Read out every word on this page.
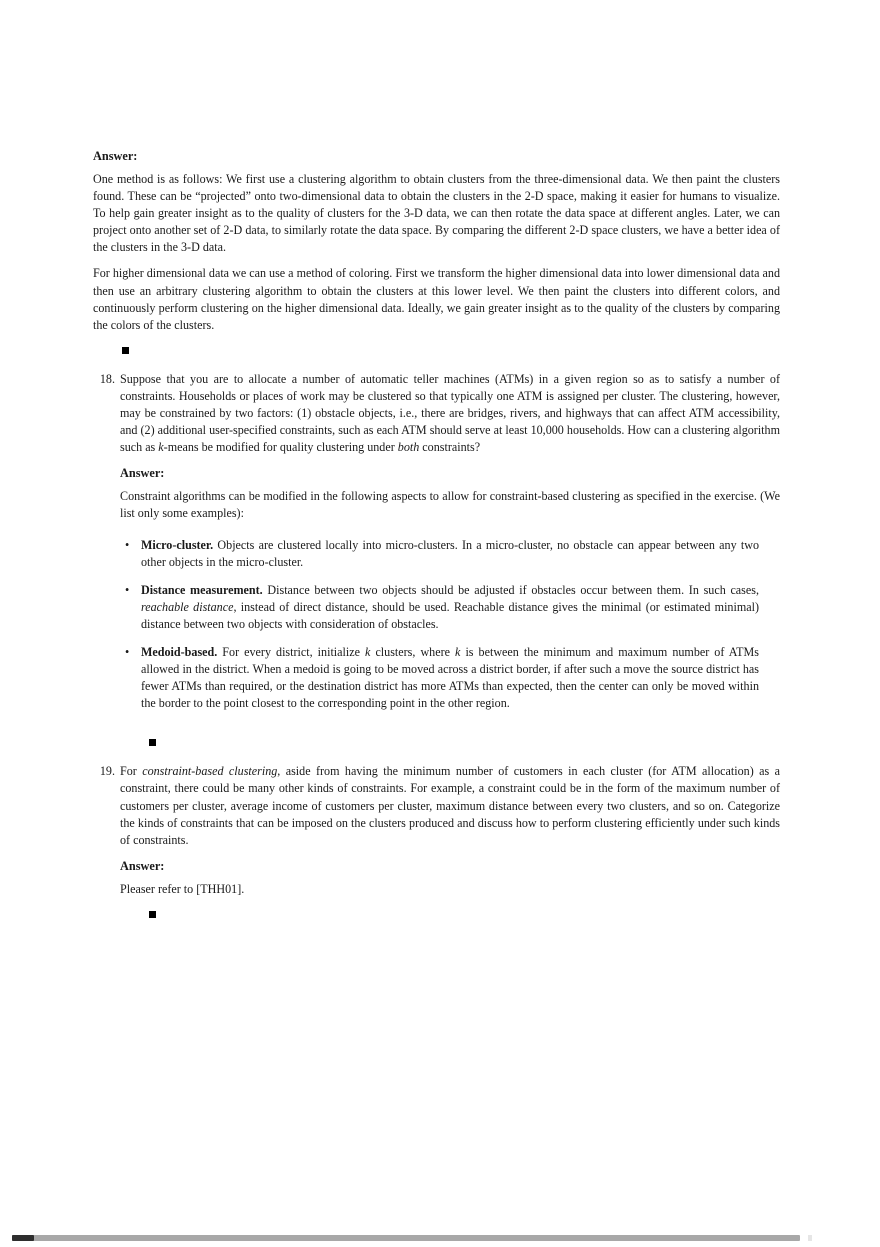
Answer:

One method is as follows: We first use a clustering algorithm to obtain clusters from the three-dimensional data. We then paint the clusters found. These can be “projected” onto two-dimensional data to obtain the clusters in the 2-D space, making it easier for humans to visualize. To help gain greater insight as to the quality of clusters for the 3-D data, we can then rotate the data space at different angles. Later, we can project onto another set of 2-D data, to similarly rotate the data space. By comparing the different 2-D space clusters, we have a better idea of the clusters in the 3-D data.

For higher dimensional data we can use a method of coloring. First we transform the higher dimensional data into lower dimensional data and then use an arbitrary clustering algorithm to obtain the clusters at this lower level. We then paint the clusters into different colors, and continuously perform clustering on the higher dimensional data. Ideally, we gain greater insight as to the quality of the clusters by comparing the colors of the clusters.

18. Suppose that you are to allocate a number of automatic teller machines (ATMs) in a given region so as to satisfy a number of constraints. Households or places of work may be clustered so that typically one ATM is assigned per cluster. The clustering, however, may be constrained by two factors: (1) obstacle objects, i.e., there are bridges, rivers, and highways that can affect ATM accessibility, and (2) additional user-specified constraints, such as each ATM should serve at least 10,000 households. How can a clustering algorithm such as k-means be modified for quality clustering under both constraints?

Answer:

Constraint algorithms can be modified in the following aspects to allow for constraint-based clustering as specified in the exercise. (We list only some examples):

• Micro-cluster. Objects are clustered locally into micro-clusters. In a micro-cluster, no obstacle can appear between any two other objects in the micro-cluster.
• Distance measurement. Distance between two objects should be adjusted if obstacles occur between them. In such cases, reachable distance, instead of direct distance, should be used. Reachable distance gives the minimal (or estimated minimal) distance between two objects with consideration of obstacles.
• Medoid-based. For every district, initialize k clusters, where k is between the minimum and maximum number of ATMs allowed in the district. When a medoid is going to be moved across a district border, if after such a move the source district has fewer ATMs than required, or the destination district has more ATMs than expected, then the center can only be moved within the border to the point closest to the corresponding point in the other region.
19. For constraint-based clustering, aside from having the minimum number of customers in each cluster (for ATM allocation) as a constraint, there could be many other kinds of constraints. For example, a constraint could be in the form of the maximum number of customers per cluster, average income of customers per cluster, maximum distance between every two clusters, and so on. Categorize the kinds of constraints that can be imposed on the clusters produced and discuss how to perform clustering efficiently under such kinds of constraints.

Answer:

Pleaser refer to [THH01].
